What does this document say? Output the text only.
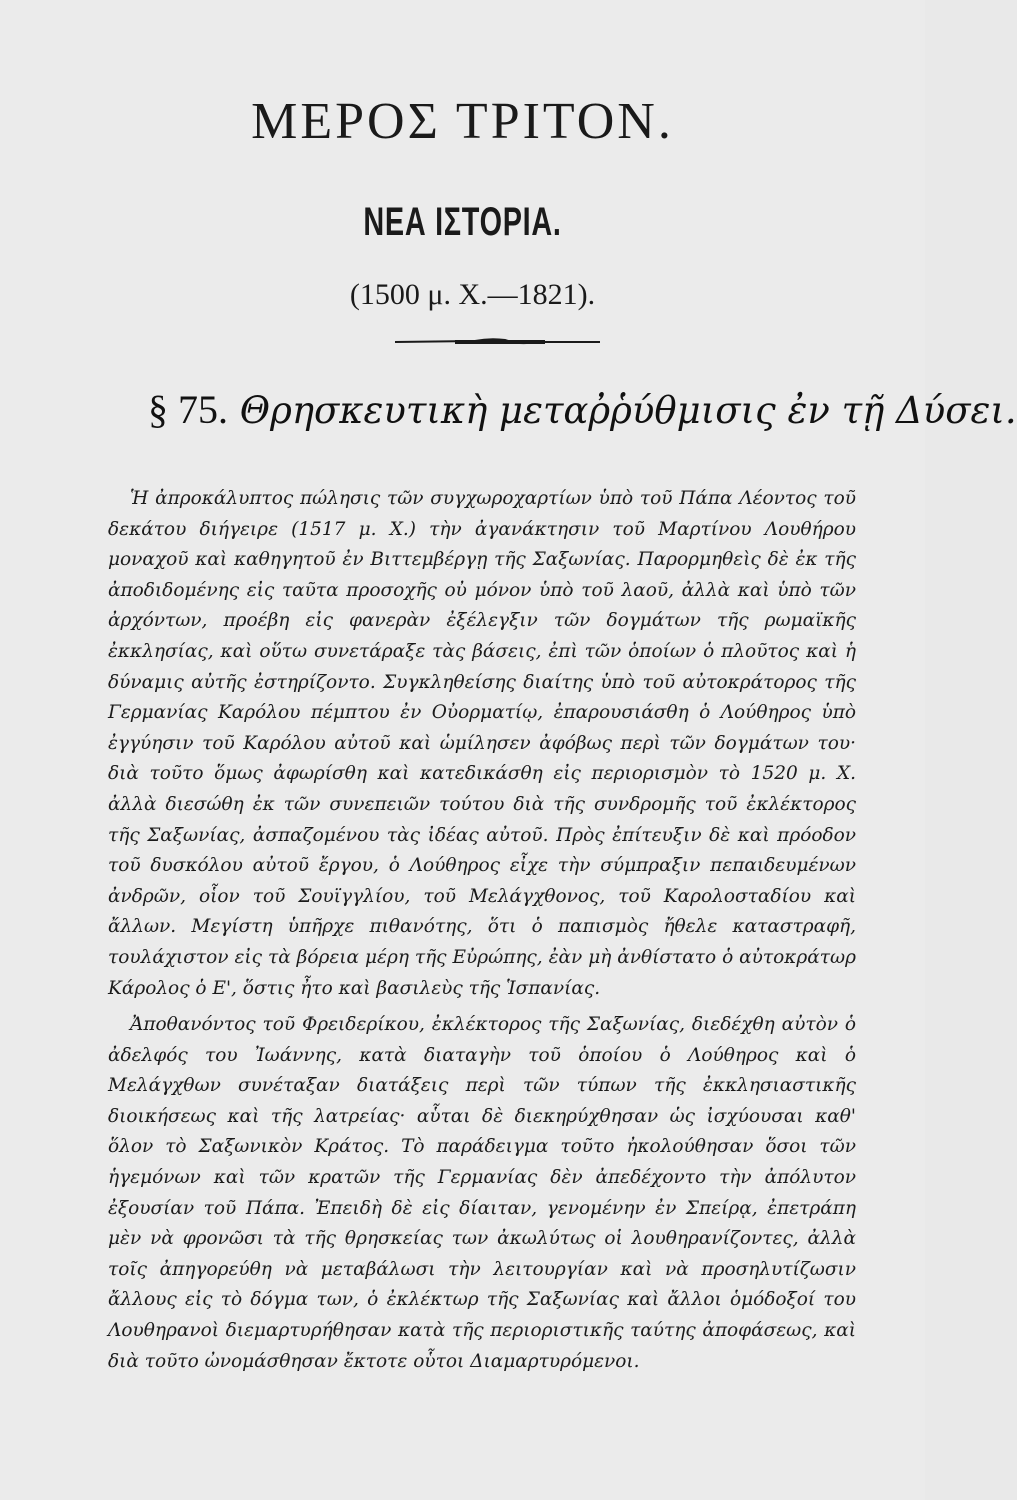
ΜΕΡΟΣ ΤΡΙΤΟΝ.
ΝΕΑ ΙΣΤΟΡΙΑ.
(1500 μ. Χ.—1821).
§ 75. Θρησκευτικὴ μεταῤῥύθμισις ἐν τῇ Δύσει.

Ἡ ἀπροκάλυπτος πώλησις τῶν συγχωροχαρτίων ὑπὸ τοῦ Πάπα Λέοντος τοῦ δεκάτου διήγειρε (1517 μ. Χ.) τὴν ἀγανάκτησιν τοῦ Μαρτίνου Λουθήρου μοναχοῦ καὶ καθηγητοῦ ἐν Βιττεμβέργῃ τῆς Σαξωνίας. Παρορμηθεὶς δὲ ἐκ τῆς ἀποδιδομένης εἰς ταῦτα προσοχῆς οὐ μόνον ὑπὸ τοῦ λαοῦ, ἀλλὰ καὶ ὑπὸ τῶν ἀρχόντων, προέβη εἰς φανερὰν ἐξέλεγξιν τῶν δογμάτων τῆς ρωμαϊκῆς ἐκκλησίας, καὶ οὕτω συνετάραξε τὰς βάσεις, ἐπὶ τῶν ὁποίων ὁ πλοῦτος καὶ ἡ δύναμις αὐτῆς ἐστηρίζοντο. Συγκληθείσης διαίτης ὑπὸ τοῦ αὐτοκράτορος τῆς Γερμανίας Καρόλου πέμπτου ἐν Οὐορματίῳ, ἐπαρουσιάσθη ὁ Λούθηρος ὑπὸ ἐγγύησιν τοῦ Καρόλου αὐτοῦ καὶ ὡμίλησεν ἀφόβως περὶ τῶν δογμάτων του· διὰ τοῦτο ὅμως ἀφωρίσθη καὶ κατεδικάσθη εἰς περιορισμὸν τὸ 1520 μ. Χ. ἀλλὰ διεσώθη ἐκ τῶν συνεπειῶν τούτου διὰ τῆς συνδρομῆς τοῦ ἐκλέκτορος τῆς Σαξωνίας, ἀσπαζομένου τὰς ἰδέας αὐτοῦ. Πρὸς ἐπίτευξιν δὲ καὶ πρόοδον τοῦ δυσκόλου αὐτοῦ ἔργου, ὁ Λούθηρος εἶχε τὴν σύμπραξιν πεπαιδευμένων ἀνδρῶν, οἷον τοῦ Σουϊγγλίου, τοῦ Μελάγχθονος, τοῦ Καρολοσταδίου καὶ ἄλλων. Μεγίστη ὑπῆρχε πιθανότης, ὅτι ὁ παπισμὸς ἤθελε καταστραφῆ, τουλάχιστον εἰς τὰ βόρεια μέρη τῆς Εὐρώπης, ἐὰν μὴ ἀνθίστατο ὁ αὐτοκράτωρ Κάρολος ὁ Ε', ὅστις ἦτο καὶ βασιλεὺς τῆς Ἱσπανίας.

Ἀποθανόντος τοῦ Φρειδερίκου, ἐκλέκτορος τῆς Σαξωνίας, διεδέχθη αὐτὸν ὁ ἀδελφός του Ἰωάννης, κατὰ διαταγὴν τοῦ ὁποίου ὁ Λούθηρος καὶ ὁ Μελάγχθων συνέταξαν διατάξεις περὶ τῶν τύπων τῆς ἐκκλησιαστικῆς διοικήσεως καὶ τῆς λατρείας· αὗται δὲ διεκηρύχθησαν ὡς ἰσχύουσαι καθ' ὅλον τὸ Σαξωνικὸν Κράτος. Τὸ παράδειγμα τοῦτο ἠκολούθησαν ὅσοι τῶν ἡγεμόνων καὶ τῶν κρατῶν τῆς Γερμανίας δὲν ἀπεδέχοντο τὴν ἀπόλυτον ἐξουσίαν τοῦ Πάπα. Ἐπειδὴ δὲ εἰς δίαιταν, γενομένην ἐν Σπείρᾳ, ἐπετράπη μὲν νὰ φρονῶσι τὰ τῆς θρησκείας των ἀκωλύτως οἱ λουθηρανίζοντες, ἀλλὰ τοῖς ἀπηγορεύθη νὰ μεταβάλωσι τὴν λειτουργίαν καὶ νὰ προσηλυτίζωσιν ἄλλους εἰς τὸ δόγμα των, ὁ ἐκλέκτωρ τῆς Σαξωνίας καὶ ἄλλοι ὁμόδοξοί του Λουθηρανοὶ διεμαρτυρήθησαν κατὰ τῆς περιοριστικῆς ταύτης ἀποφάσεως, καὶ διὰ τοῦτο ὠνομάσθησαν ἔκτοτε οὗτοι Διαμαρτυρόμενοι.
